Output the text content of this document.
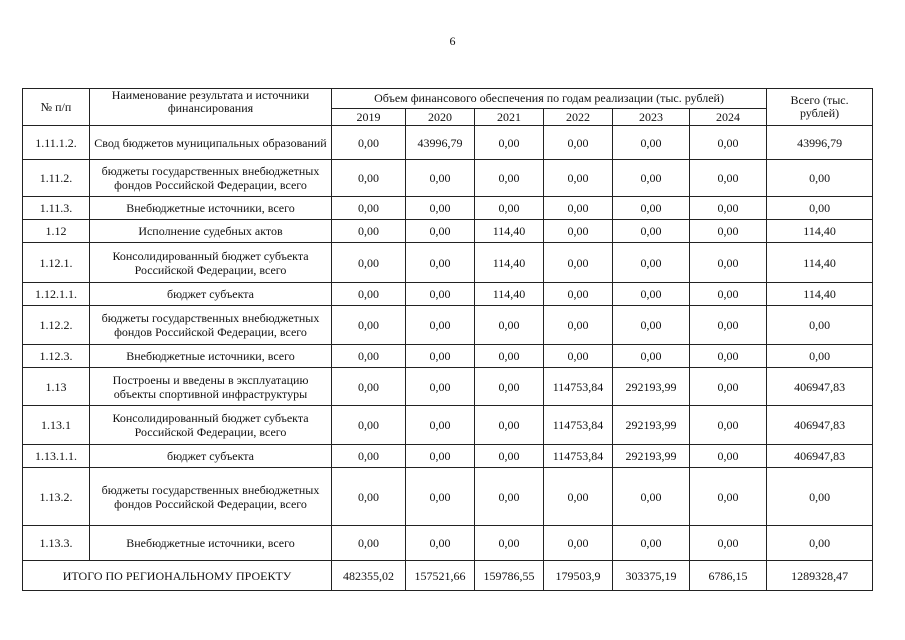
6
№ п/п	Наименование результата и источники финансирования	Объем финансового обеспечения по годам реализации (тыс. рублей)						Всего (тыс. рублей)
		2019	2020	2021	2022	2023	2024	
1.11.1.2.	Свод бюджетов муниципальных образований	0,00	43996,79	0,00	0,00	0,00	0,00	43996,79
1.11.2.	бюджеты государственных внебюджетных фондов Российской Федерации, всего	0,00	0,00	0,00	0,00	0,00	0,00	0,00
1.11.3.	Внебюджетные источники, всего	0,00	0,00	0,00	0,00	0,00	0,00	0,00
1.12	Исполнение судебных актов	0,00	0,00	114,40	0,00	0,00	0,00	114,40
1.12.1.	Консолидированный бюджет субъекта Российской Федерации, всего	0,00	0,00	114,40	0,00	0,00	0,00	114,40
1.12.1.1.	бюджет субъекта	0,00	0,00	114,40	0,00	0,00	0,00	114,40
1.12.2.	бюджеты государственных внебюджетных фондов Российской Федерации, всего	0,00	0,00	0,00	0,00	0,00	0,00	0,00
1.12.3.	Внебюджетные источники, всего	0,00	0,00	0,00	0,00	0,00	0,00	0,00
1.13	Построены и введены в эксплуатацию объекты спортивной инфраструктуры	0,00	0,00	0,00	114753,84	292193,99	0,00	406947,83
1.13.1	Консолидированный бюджет субъекта Российской Федерации, всего	0,00	0,00	0,00	114753,84	292193,99	0,00	406947,83
1.13.1.1.	бюджет субъекта	0,00	0,00	0,00	114753,84	292193,99	0,00	406947,83
1.13.2.	бюджеты государственных внебюджетных фондов Российской Федерации, всего	0,00	0,00	0,00	0,00	0,00	0,00	0,00
1.13.3.	Внебюджетные источники, всего	0,00	0,00	0,00	0,00	0,00	0,00	0,00
ИТОГО ПО РЕГИОНАЛЬНОМУ ПРОЕКТУ		482355,02	157521,66	159786,55	179503,9	303375,19	6786,15	1289328,47
